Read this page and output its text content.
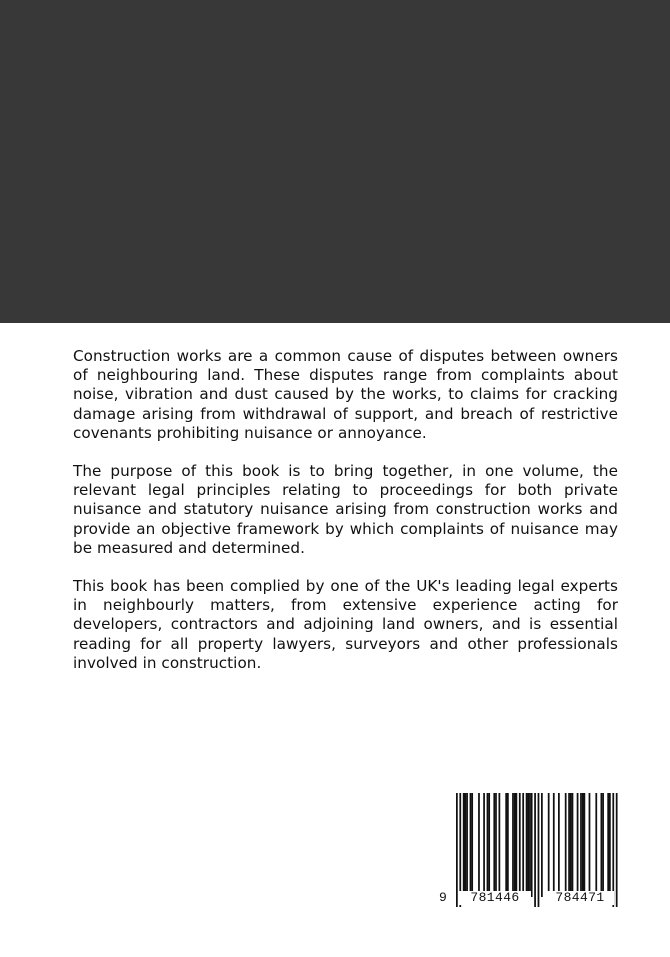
Construction works are a common cause of disputes between owners of neighbouring land. These disputes range from complaints about noise, vibration and dust caused by the works, to claims for cracking damage arising from withdrawal of support, and breach of restrictive covenants prohibiting nuisance or annoyance.

The purpose of this book is to bring together, in one volume, the relevant legal principles relating to proceedings for both private nuisance and statutory nuisance arising from construction works and provide an objective framework by which complaints of nuisance may be measured and determined.

This book has been complied by one of the UK's leading legal experts in neighbourly matters, from extensive experience acting for developers, contractors and adjoining land owners, and is essential reading for all property lawyers, surveyors and other professionals involved in construction.

9	781446	784471
